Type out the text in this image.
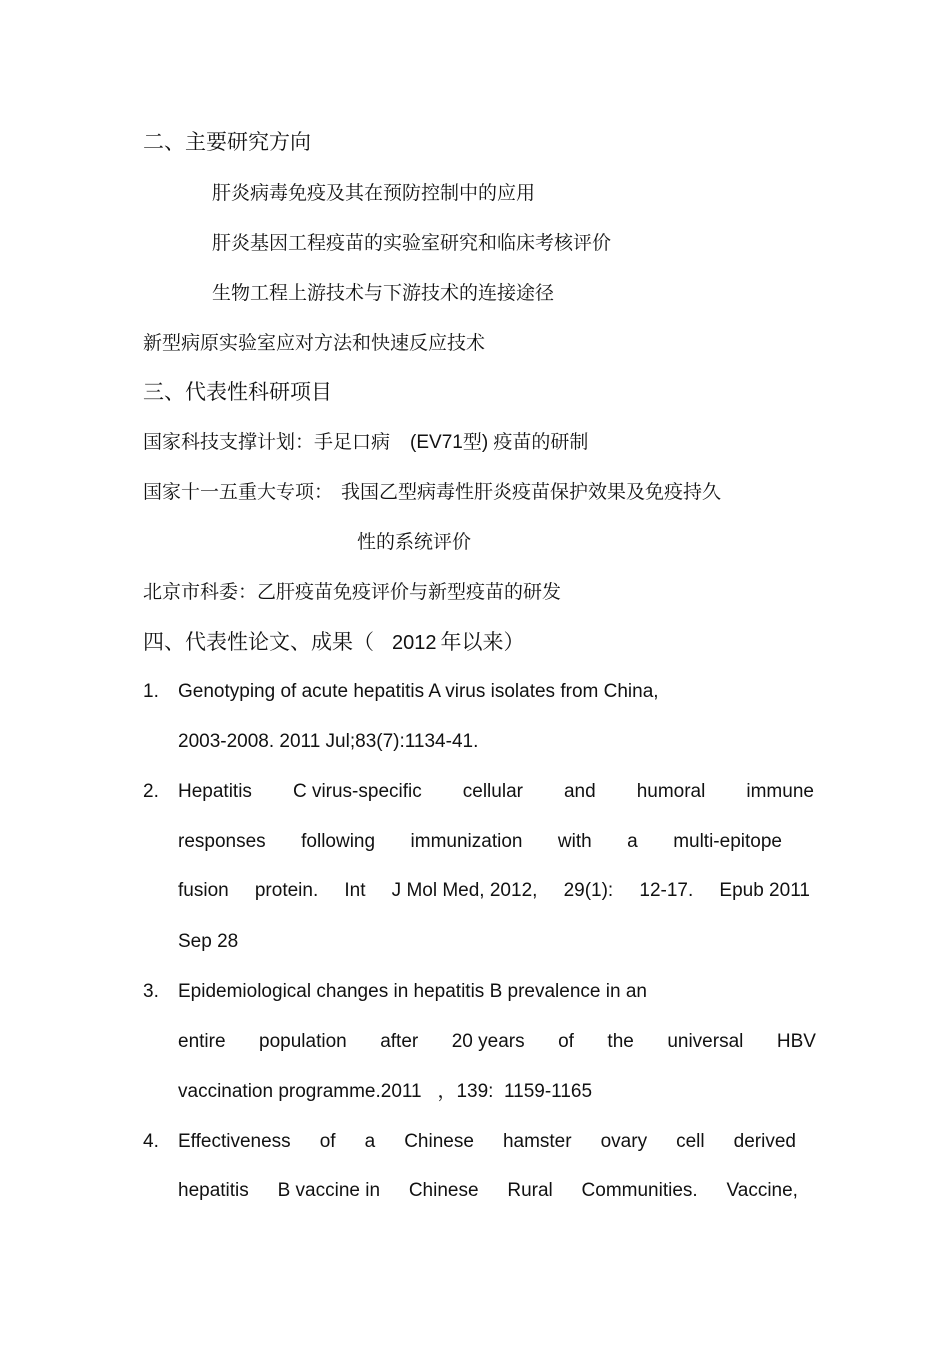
二、主要研究方向
肝炎病毒免疫及其在预防控制中的应用
肝炎基因工程疫苗的实验室研究和临床考核评价
生物工程上游技术与下游技术的连接途径
新型病原实验室应对方法和快速反应技术
三、代表性科研项目
国家科技支撑计划：手足口病 (EV71型) 疫苗的研制
国家十一五重大专项： 我国乙型病毒性肝炎疫苗保护效果及免疫持久
性的系统评价
北京市科委：乙肝疫苗免疫评价与新型疫苗的研发
四、代表性论文、成果（ 2012 年以来）
1. Genotyping of acute hepatitis A virus isolates from China,
2003-2008. 2011 Jul;83(7):1134-41.
2. Hepatitis C virus-specific cellular and humoral immune
responses following immunization with a multi-epitope
fusion protein. Int J Mol Med, 2012, 29(1): 12-17. Epub 2011
Sep 28
3. Epidemiological changes in hepatitis B prevalence in an
entire population after 20 years of the universal HBV
vaccination programme.2011   ，139:  1159-1165
4. Effectiveness of a Chinese hamster ovary cell derived
hepatitis B vaccine in Chinese Rural Communities. Vaccine,
